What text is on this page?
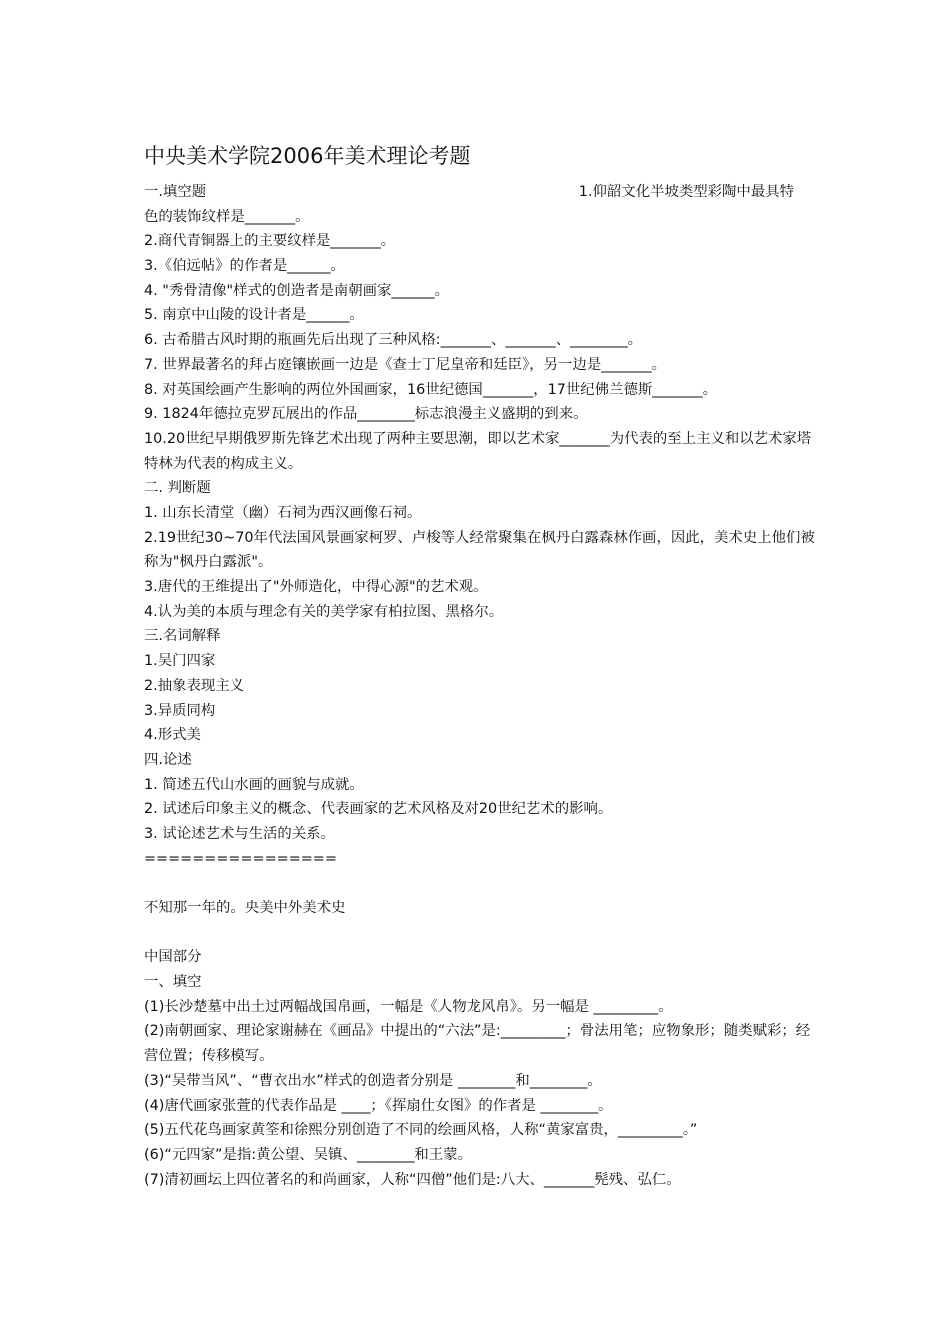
中央美术学院2006年美术理论考题
一.填空题	1.仰韶文化半坡类型彩陶中最具特
色的装饰纹样是_______。
2.商代青铜器上的主要纹样是_______。
3.《伯远帖》的作者是______。
4. "秀骨清像"样式的创造者是南朝画家______。
5. 南京中山陵的设计者是______。
6. 古希腊古风时期的瓶画先后出现了三种风格:_______、_______、________。
7. 世界最著名的拜占庭镶嵌画一边是《查士丁尼皇帝和廷臣》，另一边是_______。
8. 对英国绘画产生影响的两位外国画家，16世纪德国_______，17世纪佛兰德斯_______。
9. 1824年德拉克罗瓦展出的作品________标志浪漫主义盛期的到来。
10.20世纪早期俄罗斯先锋艺术出现了两种主要思潮，即以艺术家_______为代表的至上主义和以艺术家塔特林为代表的构成主义。
二. 判断题
1. 山东长清堂（幽）石祠为西汉画像石祠。
2.19世纪30~70年代法国风景画家柯罗、卢梭等人经常聚集在枫丹白露森林作画，因此，美术史上他们被称为"枫丹白露派"。
3.唐代的王维提出了"外师造化，中得心源"的艺术观。
4.认为美的本质与理念有关的美学家有柏拉图、黑格尔。
三.名词解释
1.吴门四家
2.抽象表现主义
3.异质同构
4.形式美
四.论述
1. 简述五代山水画的画貌与成就。
2. 试述后印象主义的概念、代表画家的艺术风格及对20世纪艺术的影响。
3. 试论述艺术与生活的关系。
================
不知那一年的。央美中外美术史
中国部分
一、填空
(1)长沙楚墓中出土过两幅战国帛画，一幅是《人物龙风帛》。另一幅是 _________。
(2)南朝画家、理论家谢赫在《画品》中提出的“六法”是:_________；骨法用笔；应物象形；随类赋彩；经营位置；传移模写。
(3)“吴带当风”、“曹衣出水”样式的创造者分别是 ________和________。
(4)唐代画家张萱的代表作品是 ____；《挥扇仕女图》的作者是 ________。
(5)五代花鸟画家黄筌和徐熙分别创造了不同的绘画风格，人称“黄家富贵，_________。”
(6)“元四家”是指:黄公望、吴镇、________和王蒙。
(7)清初画坛上四位著名的和尚画家，人称“四僧”他们是:八大、_______髡残、弘仁。
